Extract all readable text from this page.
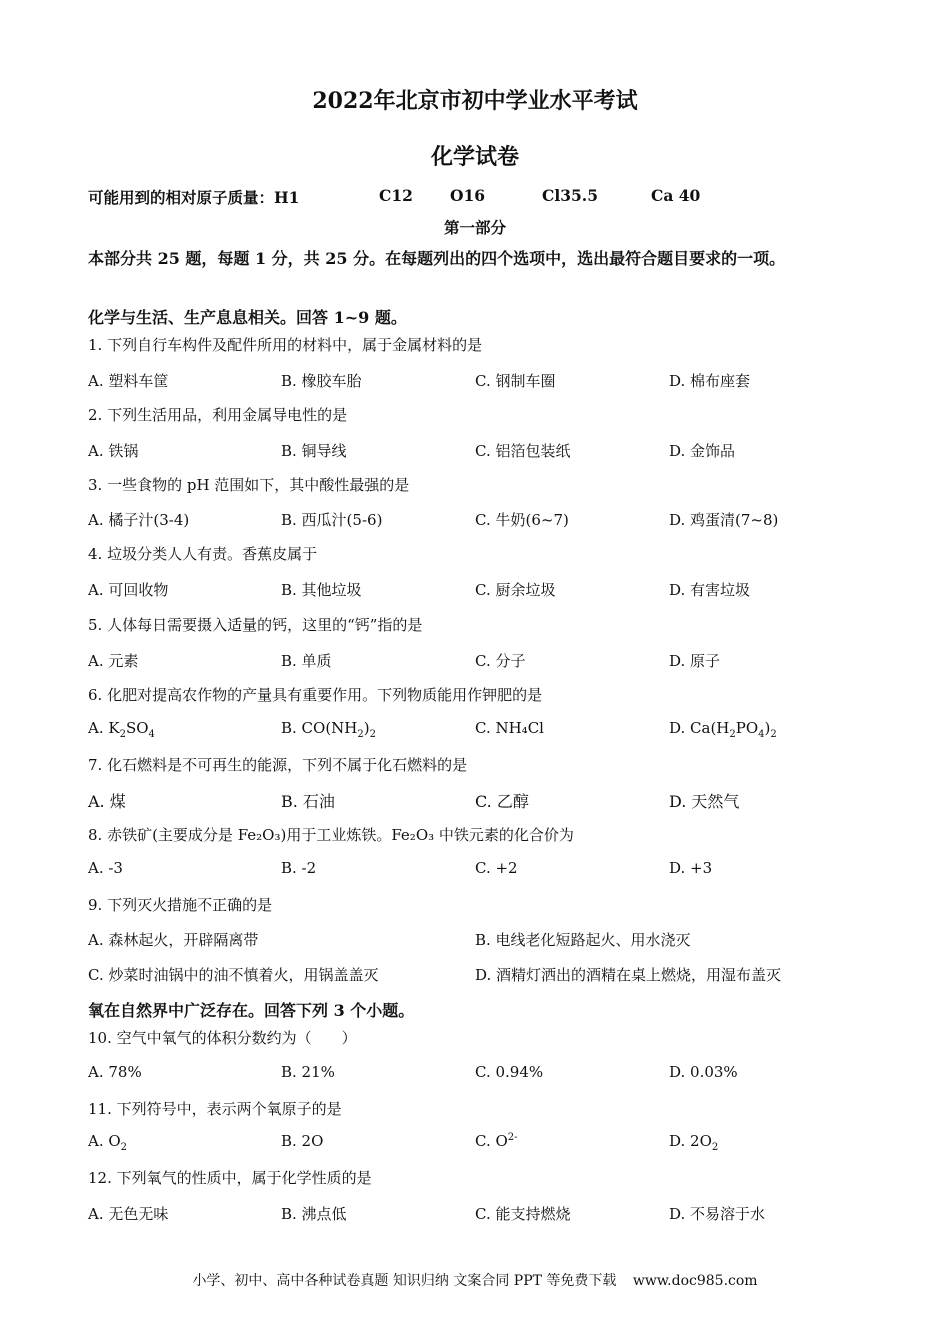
2022年北京市初中学业水平考试
化学试卷
可能用到的相对原子质量：H1	C12 O16	Cl35.5	Ca 40
第一部分
本部分共 25 题，每题 1 分，共 25 分。在每题列出的四个选项中，选出最符合题目要求的一项。
化学与生活、生产息息相关。回答 1~9 题。
1. 下列自行车构件及配件所用的材料中，属于金属材料的是
A. 塑料车筐	B. 橡胶车胎	C. 钢制车圈	D. 棉布座套
2. 下列生活用品，利用金属导电性的是
A. 铁锅	B. 铜导线	C. 铝箔包装纸	D. 金饰品
3. 一些食物的 pH 范围如下，其中酸性最强的是
A. 橘子汁(3-4)	B. 西瓜汁(5-6)	C. 牛奶(6~7)	D. 鸡蛋清(7~8)
4. 垃圾分类人人有责。香蕉皮属于
A. 可回收物	B. 其他垃圾	C. 厨余垃圾	D. 有害垃圾
5. 人体每日需要摄入适量的钙，这里的“钙”指的是
A. 元素	B. 单质	C. 分子	D. 原子
6. 化肥对提高农作物的产量具有重要作用。下列物质能用作钾肥的是
A. $K_2SO_4$	B. $CO(NH_2)_2$	C. NH₄Cl	D. $Ca(H_2PO_4)_2$
7. 化石燃料是不可再生的能源，下列不属于化石燃料的是
A. 煤	B. 石油	C. 乙醇	D. 天然气
8. 赤铁矿(主要成分是 Fe₂O₃)用于工业炼铁。Fe₂O₃ 中铁元素的化合价为
A. -3	B. -2	C. +2	D. +3
9. 下列灭火措施不正确的是
A. 森林起火，开辟隔离带	B. 电线老化短路起火、用水浇灭
C. 炒菜时油锅中的油不慎着火，用锅盖盖灭	D. 酒精灯洒出的酒精在桌上燃烧，用湿布盖灭
氧在自然界中广泛存在。回答下列 3 个小题。
10. 空气中氧气的体积分数约为（　　）
A. 78%	B. 21%	C. 0.94%	D. 0.03%
11. 下列符号中，表示两个氧原子的是
A. $O_2$	B. 2O	C. $O^{2-}$	D. $2O_2$
12. 下列氧气的性质中，属于化学性质的是
A. 无色无味	B. 沸点低	C. 能支持燃烧	D. 不易溶于水
小学、初中、高中各种试卷真题 知识归纳 文案合同 PPT 等免费下载 www.doc985.com
